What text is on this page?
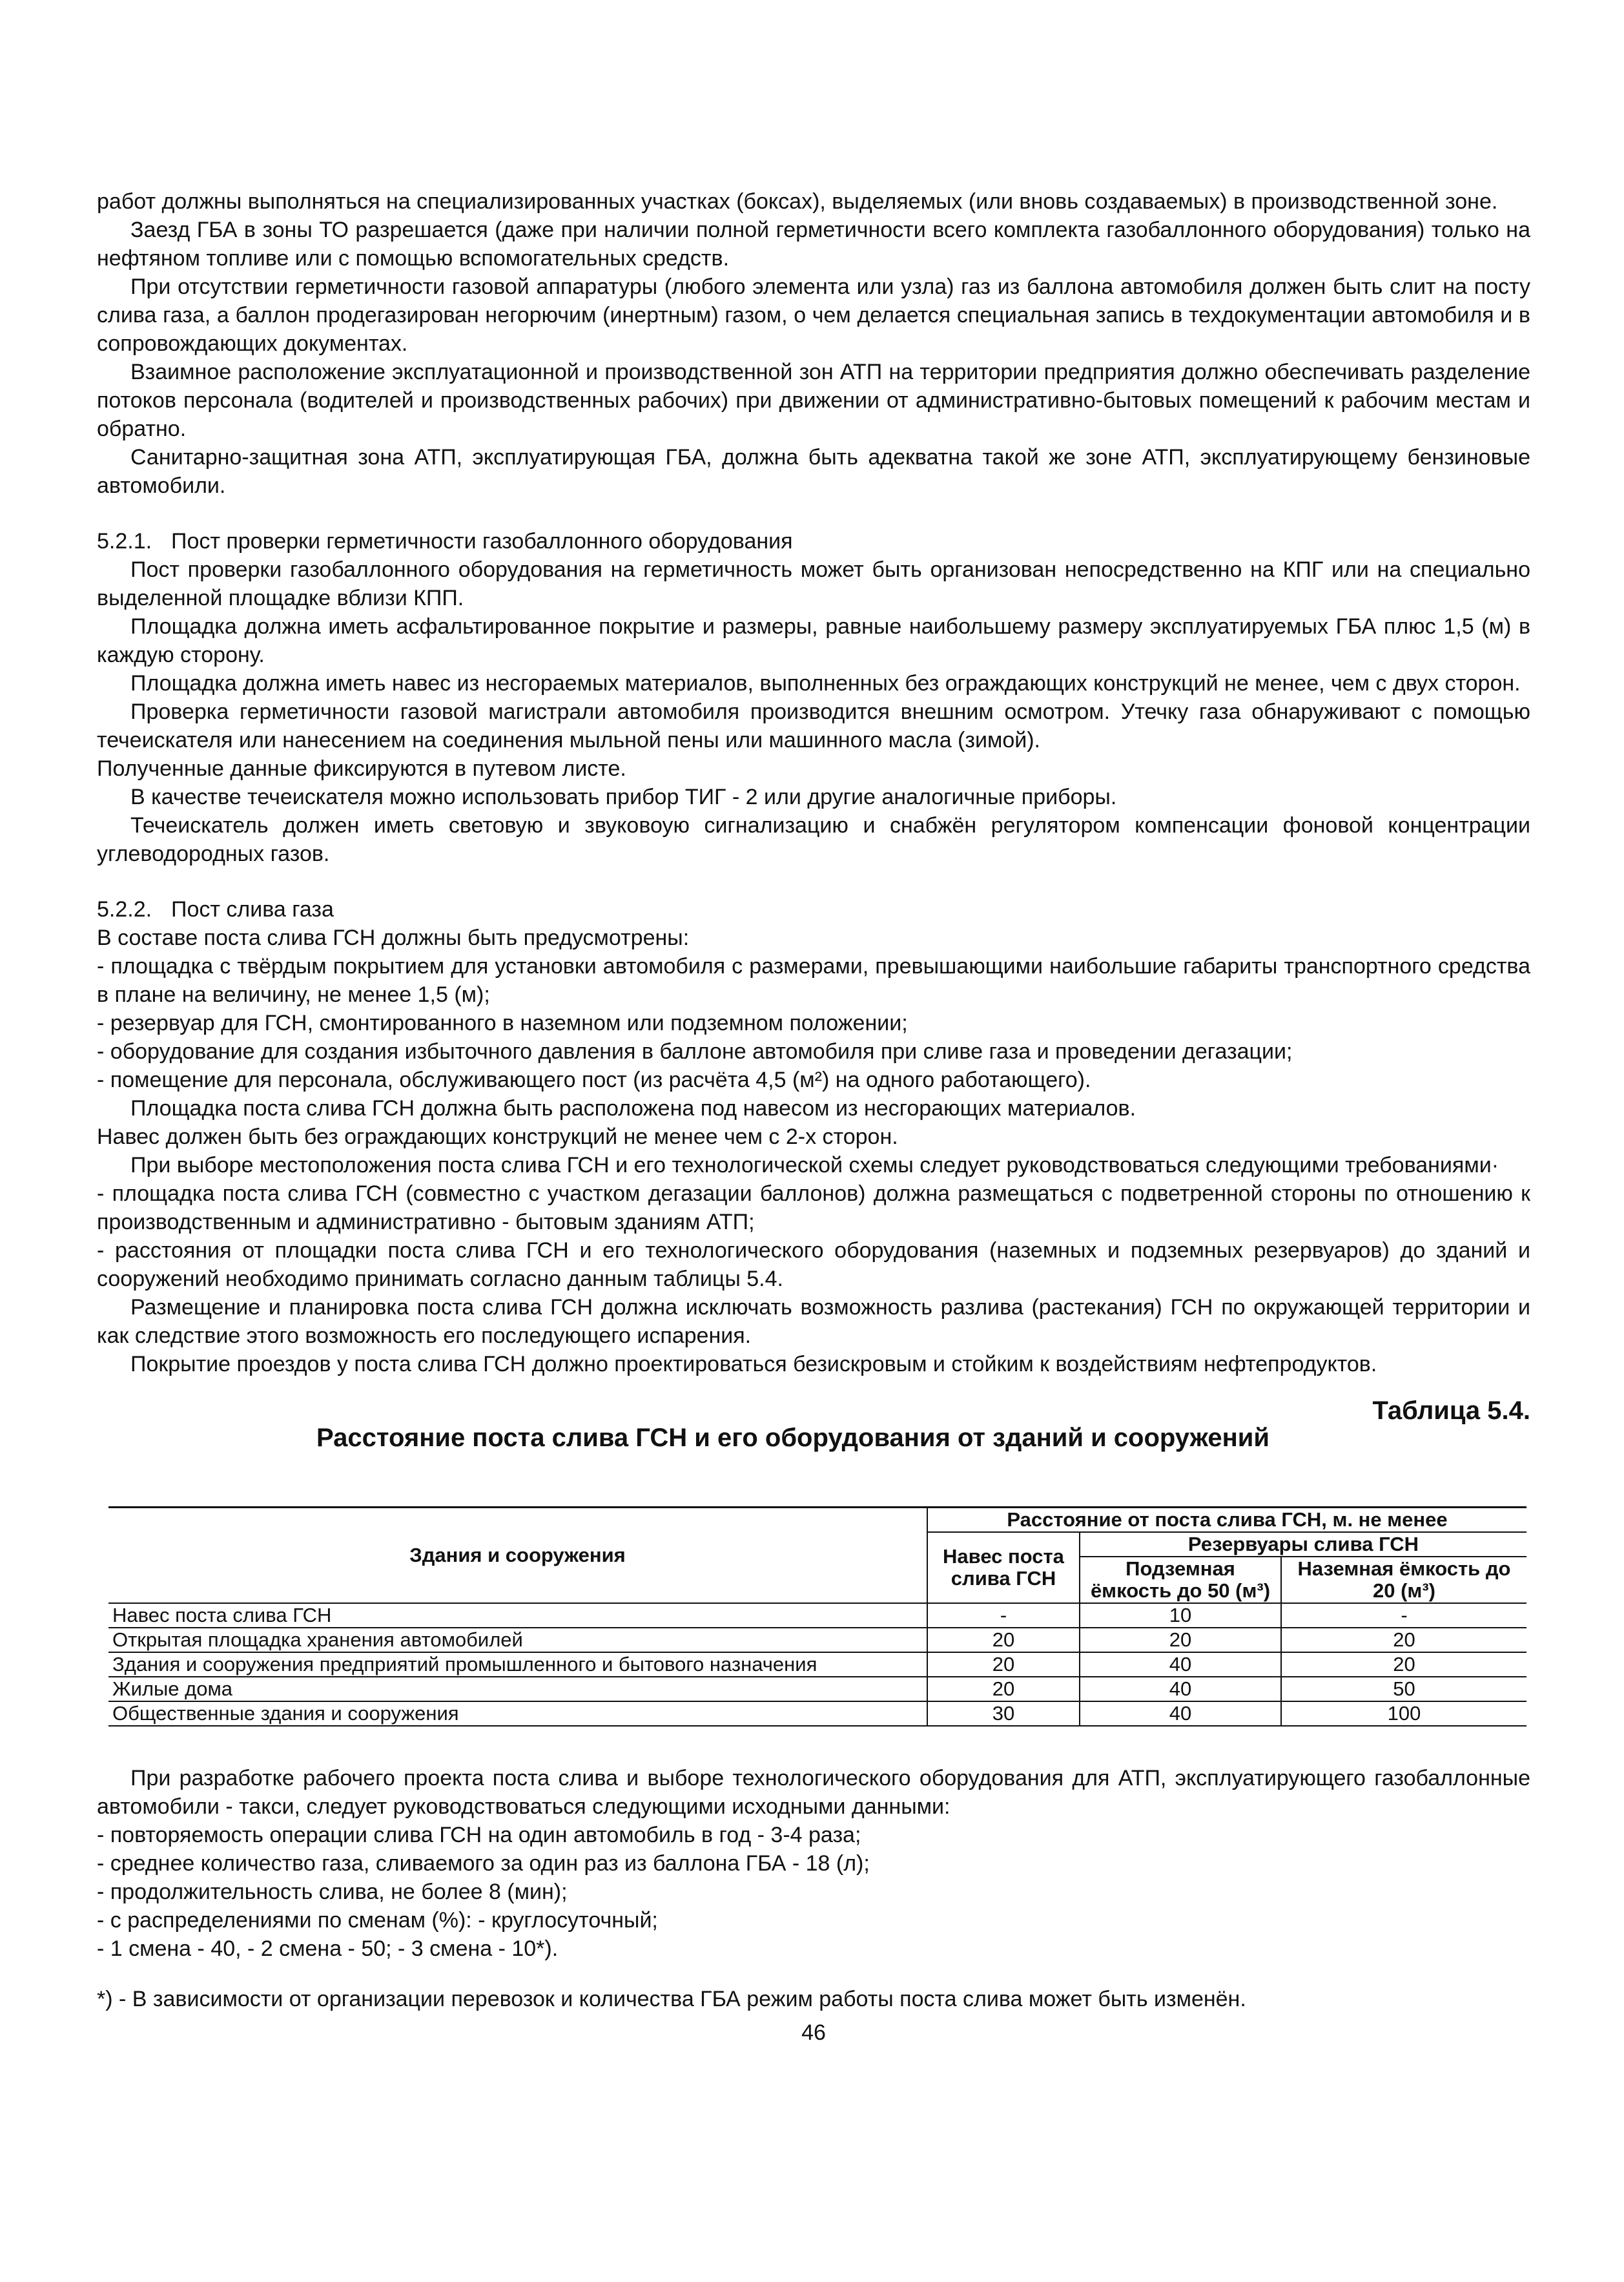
работ должны выполняться на специализированных участках (боксах), выделяемых (или вновь создаваемых) в производственной зоне.

Заезд ГБА в зоны ТО разрешается (даже при наличии полной герметичности всего комплекта газобаллонного оборудования) только на нефтяном топливе или с помощью вспомогательных средств.

При отсутствии герметичности газовой аппаратуры (любого элемента или узла) газ из баллона автомобиля должен быть слит на посту слива газа, а баллон продегазирован негорючим (инертным) газом, о чем делается специальная запись в техдокументации автомобиля и в сопровождающих документах.

Взаимное расположение эксплуатационной и производственной зон АТП на территории предприятия должно обеспечивать разделение потоков персонала (водителей и производственных рабочих) при движении от административно-бытовых помещений к рабочим местам и обратно.

Санитарно-защитная зона АТП, эксплуатирующая ГБА, должна быть адекватна такой же зоне АТП, эксплуатирующему бензиновые автомобили.

5.2.1. Пост проверки герметичности газобаллонного оборудования

Пост проверки газобаллонного оборудования на герметичность может быть организован непосредственно на КПГ или на специально выделенной площадке вблизи КПП.

Площадка должна иметь асфальтированное покрытие и размеры, равные наибольшему размеру эксплуатируемых ГБА плюс 1,5 (м) в каждую сторону.

Площадка должна иметь навес из несгораемых материалов, выполненных без ограждающих конструкций не менее, чем с двух сторон.

Проверка герметичности газовой магистрали автомобиля производится внешним осмотром. Утечку газа обнаруживают с помощью течеискателя или нанесением на соединения мыльной пены или машинного масла (зимой).

Полученные данные фиксируются в путевом листе.

В качестве течеискателя можно использовать прибор ТИГ - 2 или другие аналогичные приборы.

Течеискатель должен иметь световую и звуковоую сигнализацию и снабжён регулятором компенсации фоновой концентрации углеводородных газов.

5.2.2. Пост слива газа

В составе поста слива ГСН должны быть предусмотрены:

- площадка с твёрдым покрытием для установки автомобиля с размерами, превышающими наибольшие габариты транспортного средства в плане на величину, не менее 1,5 (м);

- резервуар для ГСН, смонтированного в наземном или подземном положении;

- оборудование для создания избыточного давления в баллоне автомобиля при сливе газа и проведении дегазации;

- помещение для персонала, обслуживающего пост (из расчёта 4,5 (м²) на одного работающего).

Площадка поста слива ГСН должна быть расположена под навесом из несгорающих материалов.

Навес должен быть без ограждающих конструкций не менее чем с 2-х сторон.

При выборе местоположения поста слива ГСН и его технологической схемы следует руководствоваться следующими требованиями·

- площадка поста слива ГСН (совместно с участком дегазации баллонов) должна размещаться с подветренной стороны по отношению к производственным и административно - бытовым зданиям АТП;

- расстояния от площадки поста слива ГСН и его технологического оборудования (наземных и подземных резервуаров) до зданий и сооружений необходимо принимать согласно данным таблицы 5.4.

Размещение и планировка поста слива ГСН должна исключать возможность разлива (растекания) ГСН по окружающей территории и как следствие этого возможность его последующего испарения.

Покрытие проездов у поста слива ГСН должно проектироваться безискровым и стойким к воздействиям нефтепродуктов.

Таблица 5.4.
Расстояние поста слива ГСН и его оборудования от зданий и сооружений
Здания и сооружения	Расстояние от поста слива ГСН, м. не менее		
	Навес поста слива ГСН	Резервуары слива ГСН	
		Подземная ёмкость до 50 (м³)	Наземная ёмкость до 20 (м³)
Навес поста слива ГСН	-	10	-
Открытая площадка хранения автомобилей	20	20	20
Здания и сооружения предприятий промышленного и бытового назначения	20	40	20
Жилые дома	20	40	50
Общественные здания и сооружения	30	40	100

При разработке рабочего проекта поста слива и выборе технологического оборудования для АТП, эксплуатирующего газобаллонные автомобили - такси, следует руководствоваться следующими исходными данными:

- повторяемость операции слива ГСН на один автомобиль в год - 3-4 раза;

- среднее количество газа, сливаемого за один раз из баллона ГБА - 18 (л);

- продолжительность слива, не более 8 (мин);

- с распределениями по сменам (%): - круглосуточный;

- 1 смена - 40, - 2 смена - 50; - 3 смена - 10*).

*) - В зависимости от организации перевозок и количества ГБА режим работы поста слива может быть изменён.

46
